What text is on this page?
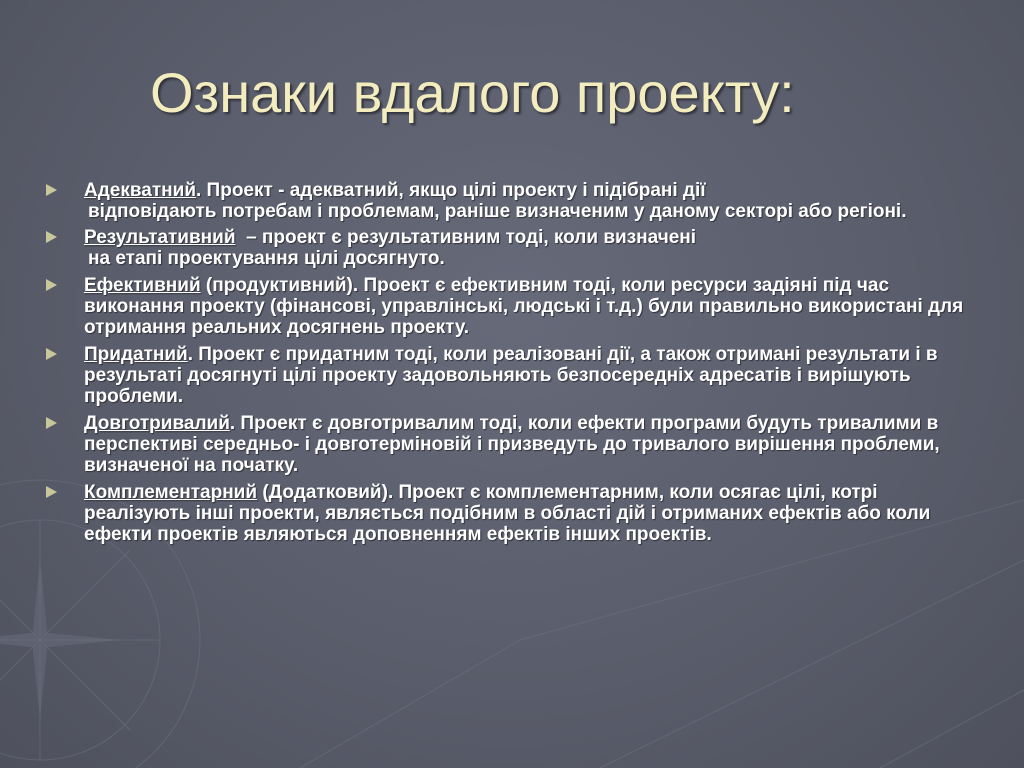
Ознаки вдалого проекту:
Адекватний. Проект - адекватний, якщо цілі проекту і підібрані дії
відповідають потребам і проблемам, раніше визначеним у даному секторі або регіоні.
Результативний  – проект є результативним тоді, коли визначені
на етапі проектування цілі досягнуто.
Ефективний (продуктивний). Проект є ефективним тоді, коли ресурси задіяні під час виконання проекту (фінансові, управлінські, людські і т.д.) були правильно використані для отримання реальних досягнень проекту.
Придатний. Проект є придатним тоді, коли реалізовані дії, а також отримані результати і в результаті досягнуті цілі проекту задовольняють безпосередніх адресатів і вирішують проблеми.
Довготривалий. Проект є довготривалим тоді, коли ефекти програми будуть тривалими в перспективі середньо- і довготерміновій і призведуть до тривалого вирішення проблеми, визначеної на початку.
Комплементарний (Додатковий). Проект є комплементарним, коли осягає цілі, котрі реалізують інші проекти, являється подібним в області дій і отриманих ефектів або коли ефекти проектів являються доповненням ефектів інших проектів.
